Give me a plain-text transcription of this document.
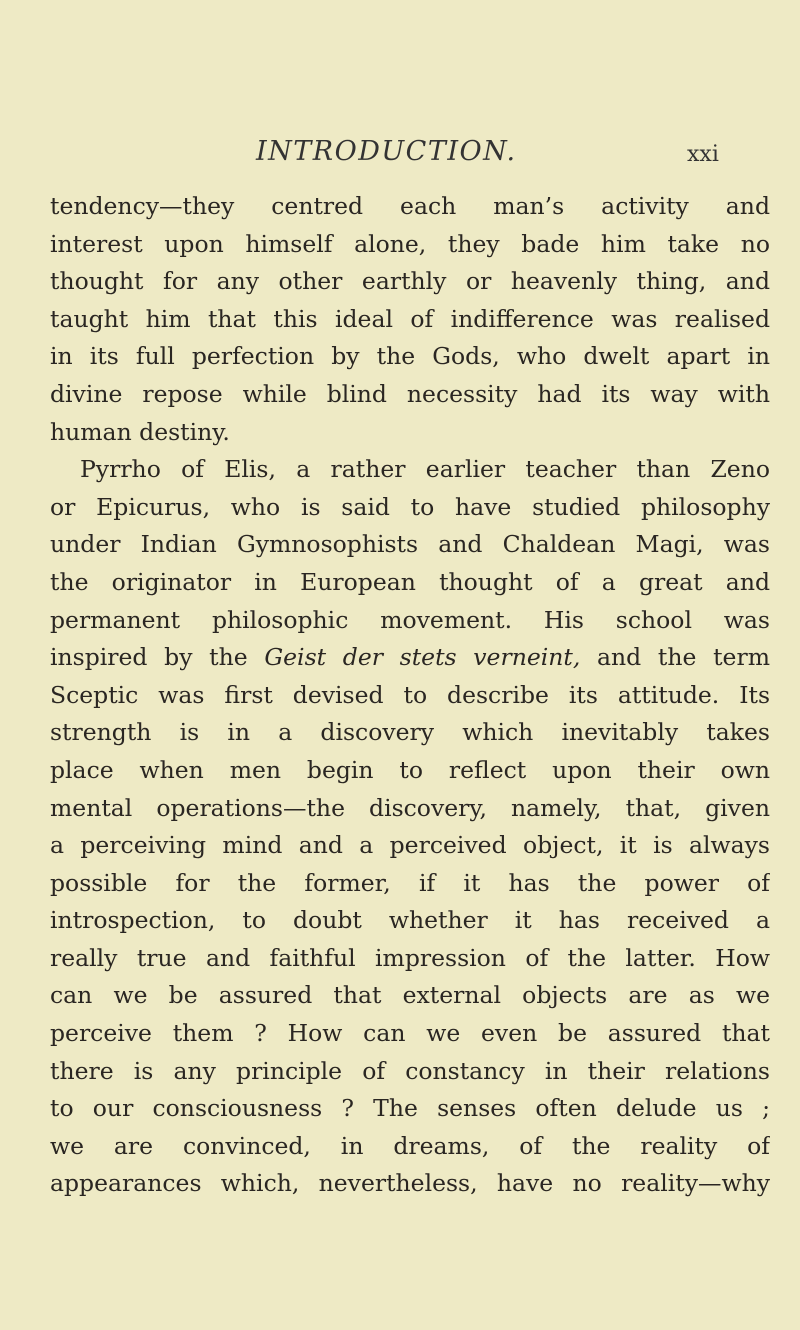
INTRODUCTION.	xxi
tendency—they centred each man’s activity and
interest upon himself alone, they bade him take no
thought for any other earthly or heavenly thing, and
taught him that this ideal of indifference was realised
in its full perfection by the Gods, who dwelt apart in
divine repose while blind necessity had its way with
human destiny.
Pyrrho of Elis, a rather earlier teacher than Zeno
or Epicurus, who is said to have studied philosophy
under Indian Gymnosophists and Chaldean Magi, was
the originator in European thought of a great and
permanent philosophic movement. His school was
inspired by the Geist der stets verneint, and the term
Sceptic was first devised to describe its attitude. Its
strength is in a discovery which inevitably takes
place when men begin to reflect upon their own
mental operations—the discovery, namely, that, given
a perceiving mind and a perceived object, it is always
possible for the former, if it has the power of
introspection, to doubt whether it has received a
really true and faithful impression of the latter. How
can we be assured that external objects are as we
perceive them ? How can we even be assured that
there is any principle of constancy in their relations
to our consciousness ? The senses often delude us ;
we are convinced, in dreams, of the reality of
appearances which, nevertheless, have no reality—why
